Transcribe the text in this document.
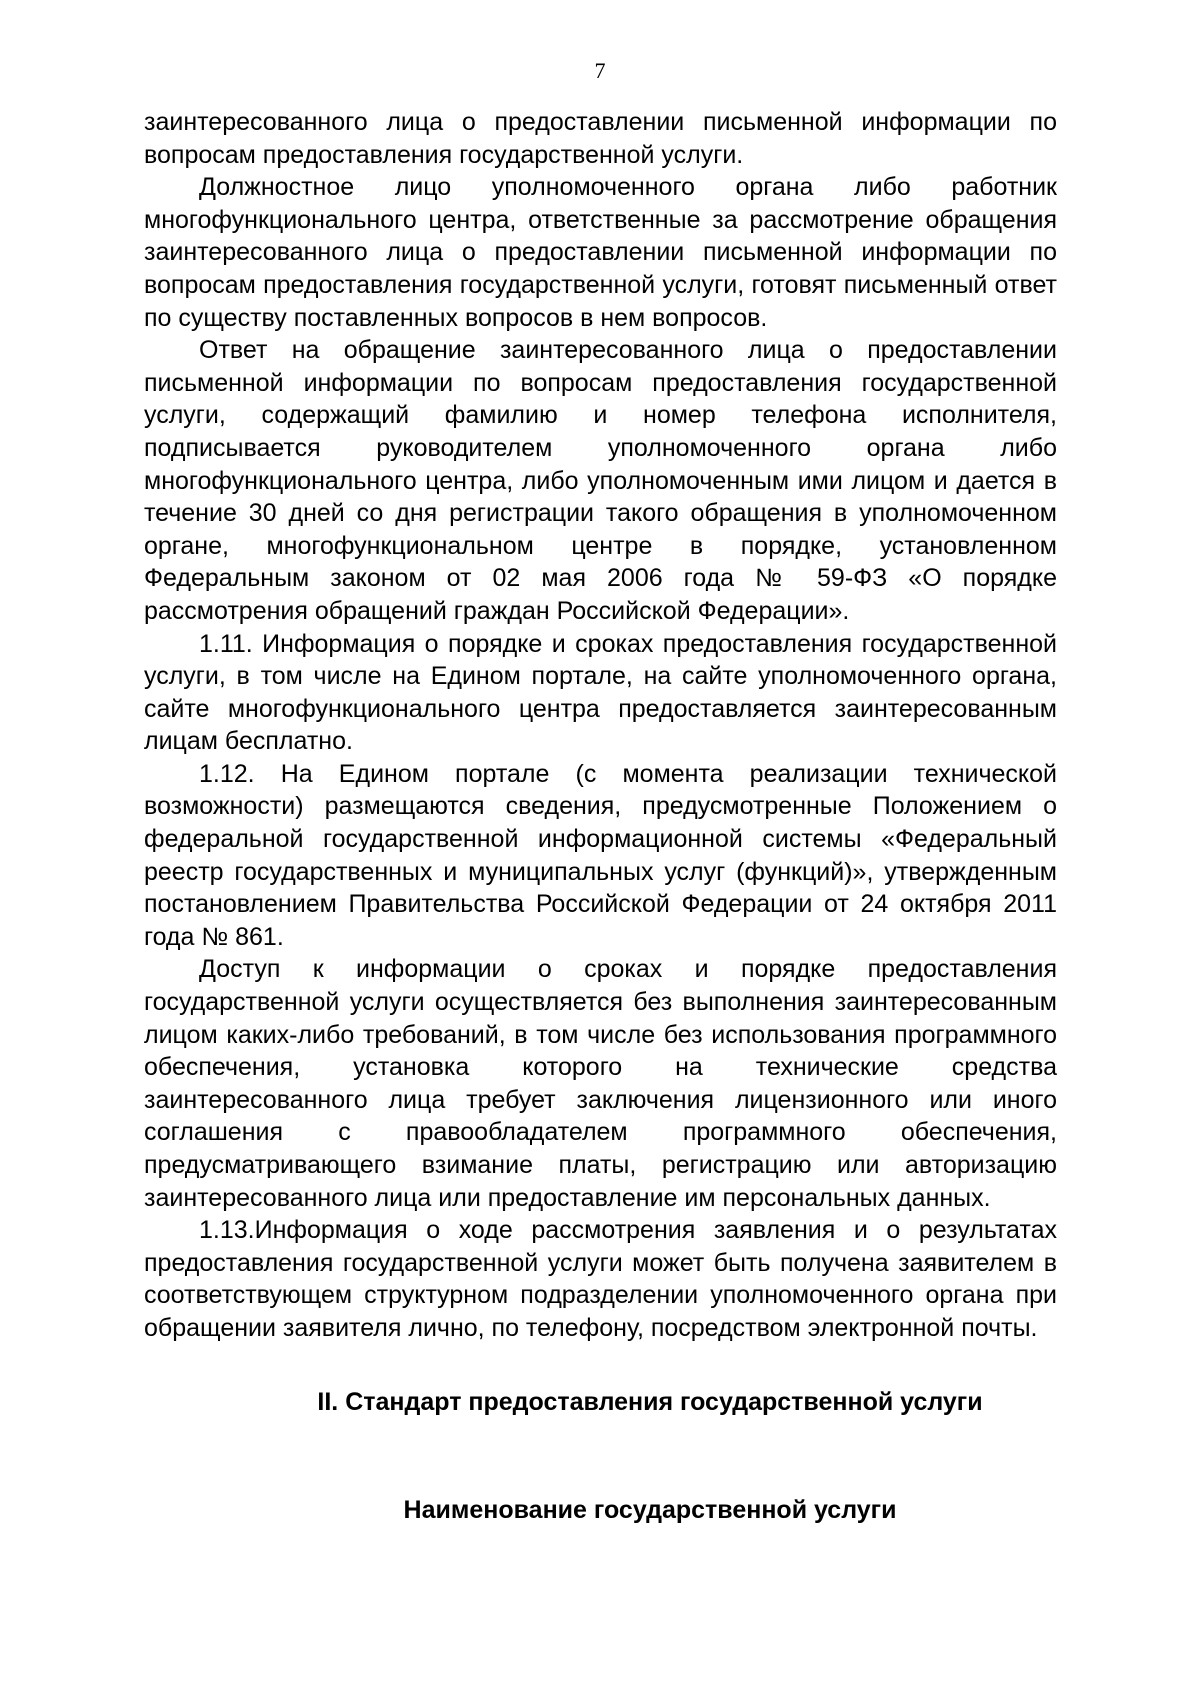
7

заинтересованного лица о предоставлении письменной информации по вопросам предоставления государственной услуги.

Должностное лицо уполномоченного органа либо работник многофункционального центра, ответственные за рассмотрение обращения заинтересованного лица о предоставлении письменной информации по вопросам предоставления государственной услуги, готовят письменный ответ по существу поставленных вопросов в нем вопросов.

Ответ на обращение заинтересованного лица о предоставлении письменной информации по вопросам предоставления государственной услуги, содержащий фамилию и номер телефона исполнителя, подписывается руководителем уполномоченного органа либо многофункционального центра, либо уполномоченным ими лицом и дается в течение 30 дней со дня регистрации такого обращения в уполномоченном органе, многофункциональном центре в порядке, установленном Федеральным законом от 02 мая 2006 года № 59-ФЗ «О порядке рассмотрения обращений граждан Российской Федерации».

1.11. Информация о порядке и сроках предоставления государственной услуги, в том числе на Едином портале, на сайте уполномоченного органа, сайте многофункционального центра предоставляется заинтересованным лицам бесплатно.

1.12. На Едином портале (с момента реализации технической возможности) размещаются сведения, предусмотренные Положением о федеральной государственной информационной системы «Федеральный реестр государственных и муниципальных услуг (функций)», утвержденным постановлением Правительства Российской Федерации от 24 октября 2011 года № 861.

Доступ к информации о сроках и порядке предоставления государственной услуги осуществляется без выполнения заинтересованным лицом каких-либо требований, в том числе без использования программного обеспечения, установка которого на технические средства заинтересованного лица требует заключения лицензионного или иного соглашения с правообладателем программного обеспечения, предусматривающего взимание платы, регистрацию или авторизацию заинтересованного лица или предоставление им персональных данных.

1.13.Информация о ходе рассмотрения заявления и о результатах предоставления государственной услуги может быть получена заявителем в соответствующем структурном подразделении уполномоченного органа при обращении заявителя лично, по телефону, посредством электронной почты.

II. Стандарт предоставления государственной услуги
Наименование государственной услуги
